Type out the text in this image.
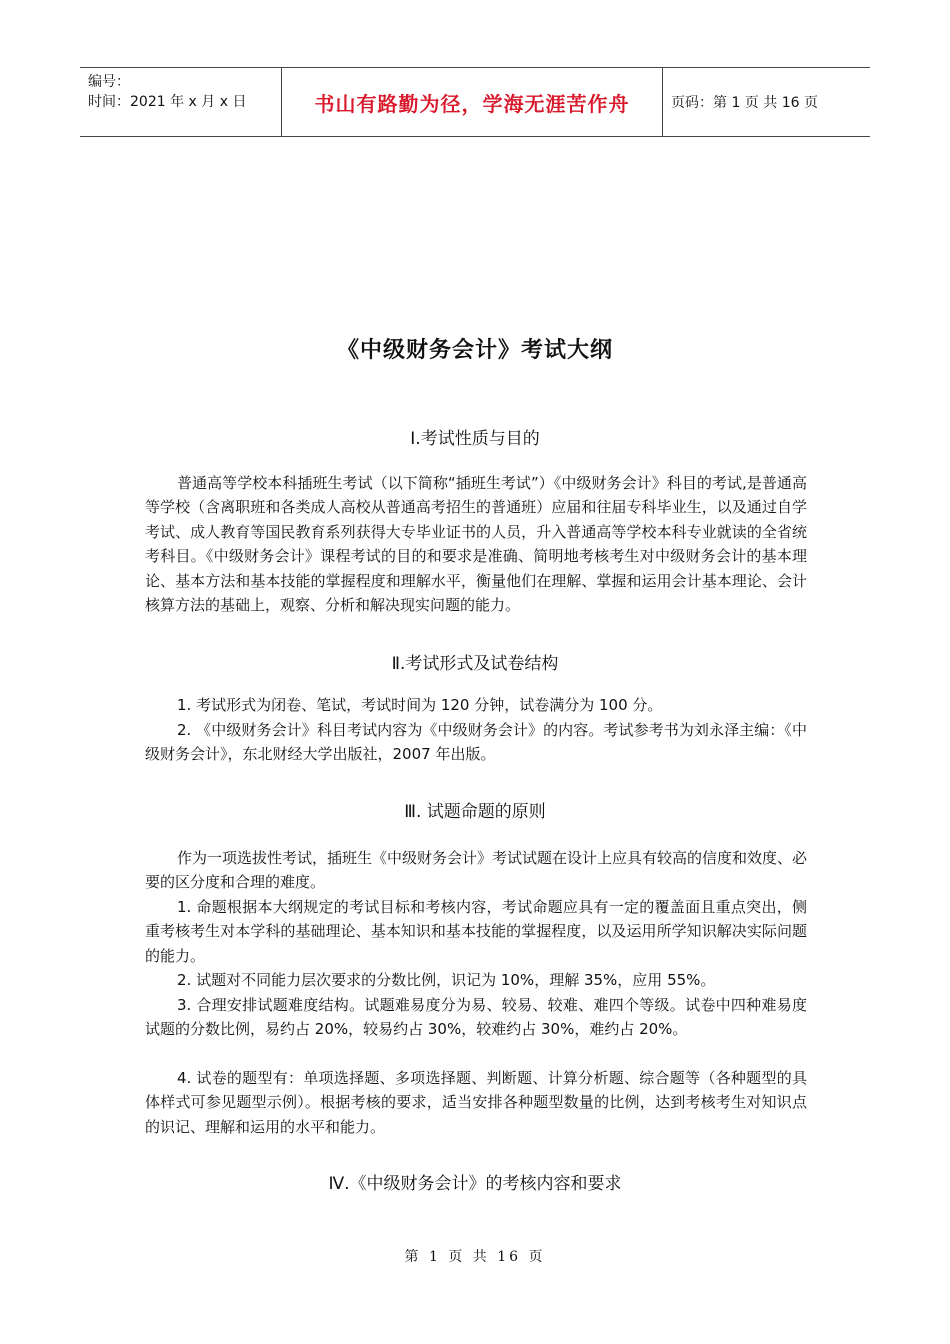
编号：
时间：2021 年 x 月 x 日	书山有路勤为径，学海无涯苦作舟	页码：第 1 页 共 16 页
《中级财务会计》考试大纲
Ⅰ.考试性质与目的

普通高等学校本科插班生考试（以下简称“插班生考试”）《中级财务会计》科目的考试,是普通高等学校（含离职班和各类成人高校从普通高考招生的普通班）应届和往届专科毕业生，以及通过自学考试、成人教育等国民教育系列获得大专毕业证书的人员，升入普通高等学校本科专业就读的全省统考科目。《中级财务会计》课程考试的目的和要求是准确、简明地考核考生对中级财务会计的基本理论、基本方法和基本技能的掌握程度和理解水平，衡量他们在理解、掌握和运用会计基本理论、会计核算方法的基础上，观察、分析和解决现实问题的能力。

Ⅱ.考试形式及试卷结构

1. 考试形式为闭卷、笔试，考试时间为 120 分钟，试卷满分为 100 分。

2. 《中级财务会计》科目考试内容为《中级财务会计》的内容。考试参考书为刘永泽主编：《中级财务会计》，东北财经大学出版社，2007 年出版。

Ⅲ. 试题命题的原则

作为一项选拔性考试，插班生《中级财务会计》考试试题在设计上应具有较高的信度和效度、必要的区分度和合理的难度。

1. 命题根据本大纲规定的考试目标和考核内容，考试命题应具有一定的覆盖面且重点突出，侧重考核考生对本学科的基础理论、基本知识和基本技能的掌握程度，以及运用所学知识解决实际问题的能力。

2. 试题对不同能力层次要求的分数比例，识记为 10%，理解 35%，应用 55%。

3. 合理安排试题难度结构。试题难易度分为易、较易、较难、难四个等级。试卷中四种难易度试题的分数比例，易约占 20%，较易约占 30%，较难约占 30%，难约占 20%。

4. 试卷的题型有：单项选择题、多项选择题、判断题、计算分析题、综合题等（各种题型的具体样式可参见题型示例）。根据考核的要求，适当安排各种题型数量的比例，达到考核考生对知识点的识记、理解和运用的水平和能力。

Ⅳ.《中级财务会计》的考核内容和要求
第 1 页 共 16 页
